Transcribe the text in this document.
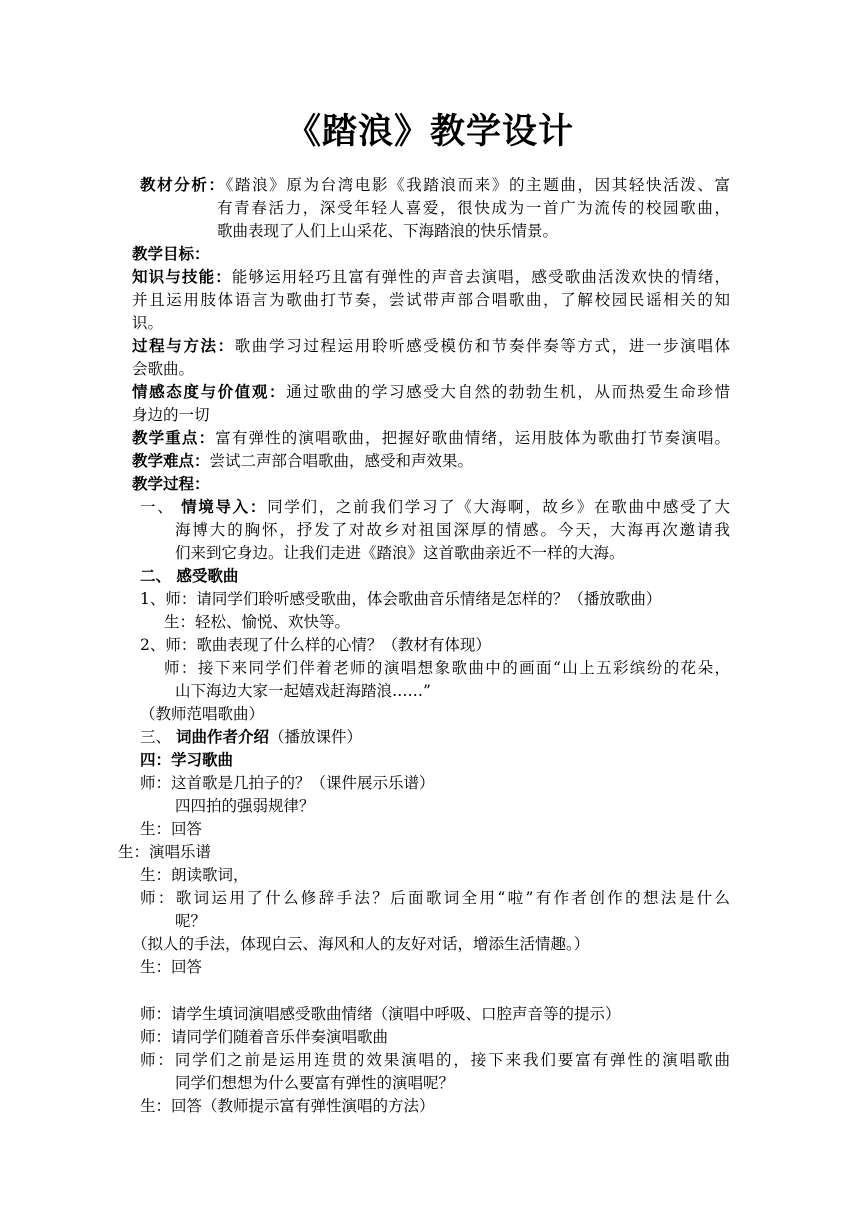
《踏浪》教学设计
教材分析：《踏浪》原为台湾电影《我踏浪而来》的主题曲，因其轻快活泼、富
有青春活力，深受年轻人喜爱，很快成为一首广为流传的校园歌曲，
歌曲表现了人们上山采花、下海踏浪的快乐情景。
教学目标：
知识与技能：能够运用轻巧且富有弹性的声音去演唱，感受歌曲活泼欢快的情绪，
并且运用肢体语言为歌曲打节奏，尝试带声部合唱歌曲，了解校园民谣相关的知
识。
过程与方法：歌曲学习过程运用聆听感受模仿和节奏伴奏等方式，进一步演唱体
会歌曲。
情感态度与价值观：通过歌曲的学习感受大自然的勃勃生机，从而热爱生命珍惜
身边的一切
教学重点：富有弹性的演唱歌曲，把握好歌曲情绪，运用肢体为歌曲打节奏演唱。
教学难点：尝试二声部合唱歌曲，感受和声效果。
教学过程：
一、 情境导入：同学们，之前我们学习了《大海啊，故乡》在歌曲中感受了大
海博大的胸怀，抒发了对故乡对祖国深厚的情感。今天，大海再次邀请我
们来到它身边。让我们走进《踏浪》这首歌曲亲近不一样的大海。
二、 感受歌曲
1、师：请同学们聆听感受歌曲，体会歌曲音乐情绪是怎样的？（播放歌曲）
生：轻松、愉悦、欢快等。
2、师：歌曲表现了什么样的心情？（教材有体现）
师：接下来同学们伴着老师的演唱想象歌曲中的画面“山上五彩缤纷的花朵，
山下海边大家一起嬉戏赶海踏浪……”
（教师范唱歌曲）
三、 词曲作者介绍（播放课件）
四：学习歌曲
师：这首歌是几拍子的？（课件展示乐谱）
四四拍的强弱规律？
生：回答
生：演唱乐谱
生：朗读歌词，
师：歌词运用了什么修辞手法？后面歌词全用“啦”有作者创作的想法是什么
呢？
（拟人的手法，体现白云、海风和人的友好对话，增添生活情趣。）
生：回答
师：请学生填词演唱感受歌曲情绪（演唱中呼吸、口腔声音等的提示）
师：请同学们随着音乐伴奏演唱歌曲
师：同学们之前是运用连贯的效果演唱的，接下来我们要富有弹性的演唱歌曲
同学们想想为什么要富有弹性的演唱呢？
生：回答（教师提示富有弹性演唱的方法）
